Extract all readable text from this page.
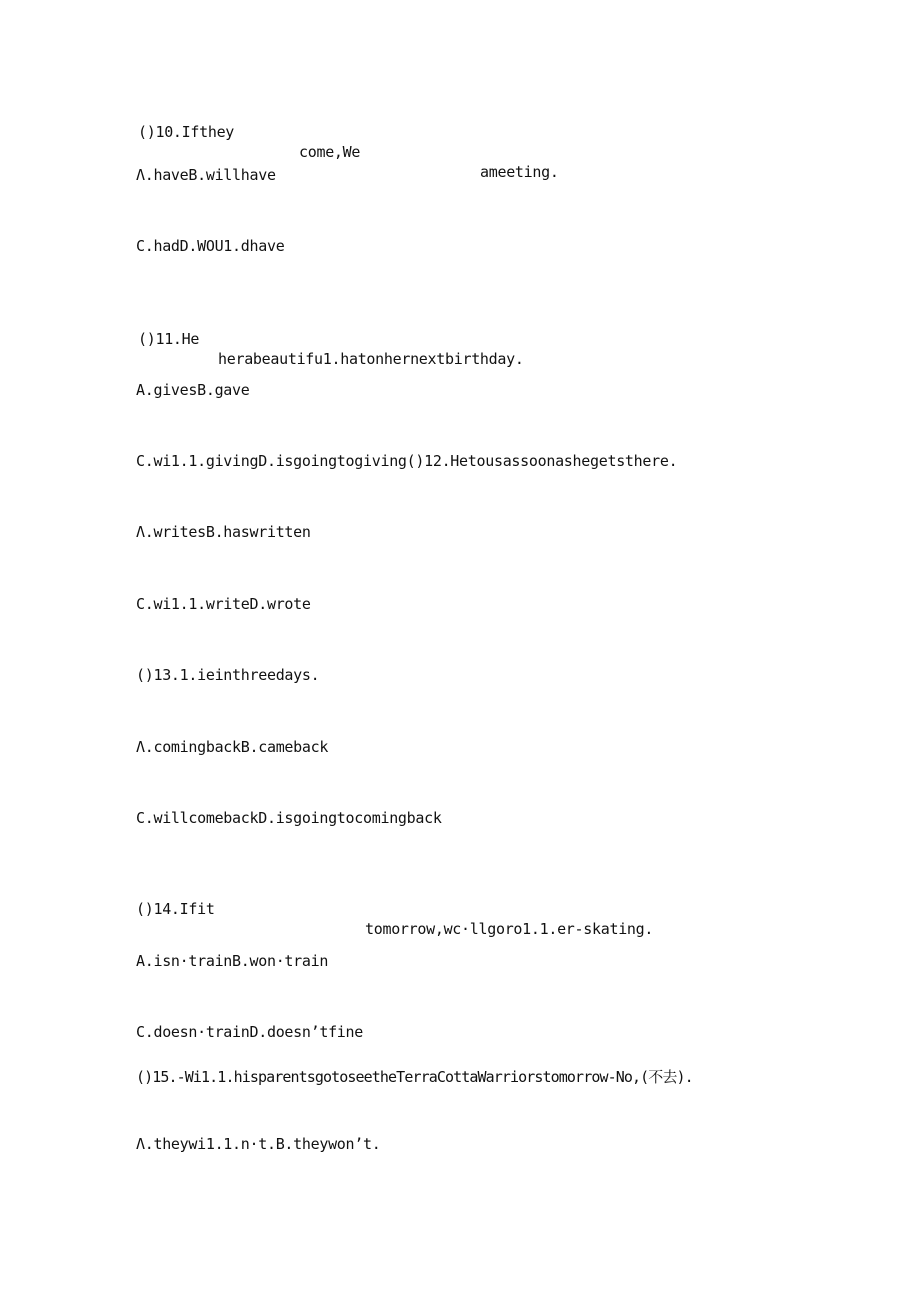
()10.Ifthey

come,We

ameeting.

Λ.haveB.willhave
C.hadD.WOU1.dhave

()11.He

herabeautifu1.hatonhernextbirthday.

A.givesB.gave
C.wi1.1.givingD.isgoingtogiving()12.Hetousassoonashegetsthere.
Λ.writesB.haswritten
C.wi1.1.writeD.wrote
()13.1.ieinthreedays.
Λ.comingbackB.cameback
C.willcomebackD.isgoingtocomingback

()14.Ifit

tomorrow,wc·llgoro1.1.er-skating.

A.isn·trainB.won·train
C.doesn·trainD.doesn’tfine
()15.-Wi1.1.hisparentsgotoseetheTerraCottaWarriorstomorrow-No,(不去).
Λ.theywi1.1.n·t.B.theywon’t.
